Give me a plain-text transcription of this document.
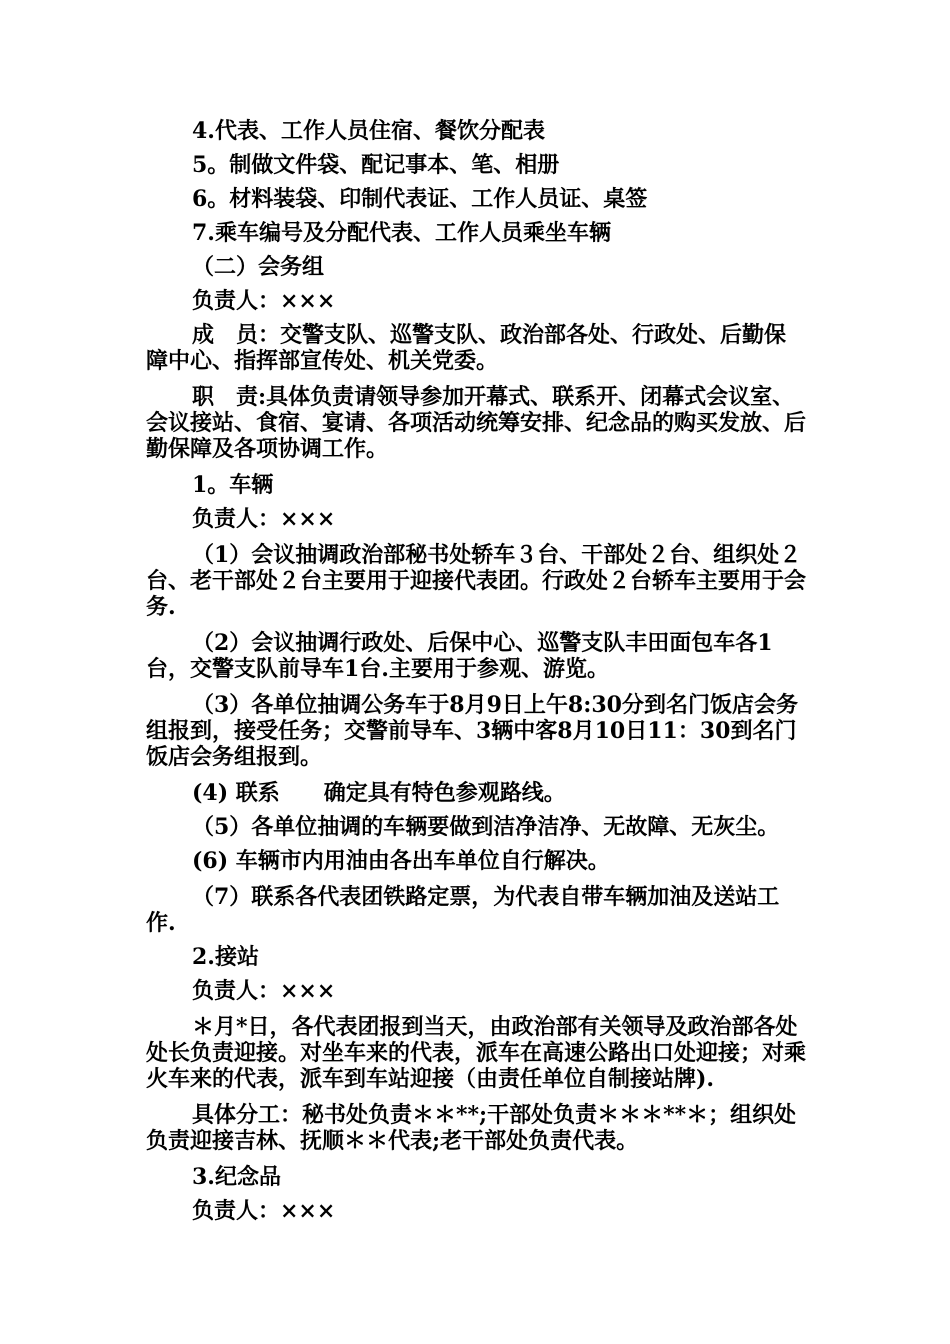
4.代表、工作人员住宿、餐饮分配表

5。制做文件袋、配记事本、笔、相册

6。材料装袋、印制代表证、工作人员证、桌签

7.乘车编号及分配代表、工作人员乘坐车辆

（二）会务组

负责人：×××

成　员：交警支队、巡警支队、政治部各处、行政处、后勤保障中心、指挥部宣传处、机关党委。

职　责:具体负责请领导参加开幕式、联系开、闭幕式会议室、会议接站、食宿、宴请、各项活动统筹安排、纪念品的购买发放、后勤保障及各项协调工作。

1。车辆

负责人：×××

（1）会议抽调政治部秘书处轿车３台、干部处２台、组织处２台、老干部处２台主要用于迎接代表团。行政处２台轿车主要用于会务.

（2）会议抽调行政处、后保中心、巡警支队丰田面包车各1台，交警支队前导车1台.主要用于参观、游览。

（3）各单位抽调公务车于8月9日上午8:30分到名门饭店会务组报到，接受任务；交警前导车、3辆中客8月10日11：30到名门饭店会务组报到。

(4) 联系　　确定具有特色参观路线。

（5）各单位抽调的车辆要做到洁净洁净、无故障、无灰尘。

(6) 车辆市内用油由各出车单位自行解决。

（7）联系各代表团铁路定票，为代表自带车辆加油及送站工作.

2.接站

负责人：×××

＊月*日，各代表团报到当天，由政治部有关领导及政治部各处处长负责迎接。对坐车来的代表，派车在高速公路出口处迎接；对乘火车来的代表，派车到车站迎接（由责任单位自制接站牌).

具体分工：秘书处负责＊＊**;干部处负责＊＊＊**＊；组织处负责迎接吉林、抚顺＊＊代表;老干部处负责代表。

3.纪念品

负责人：×××
